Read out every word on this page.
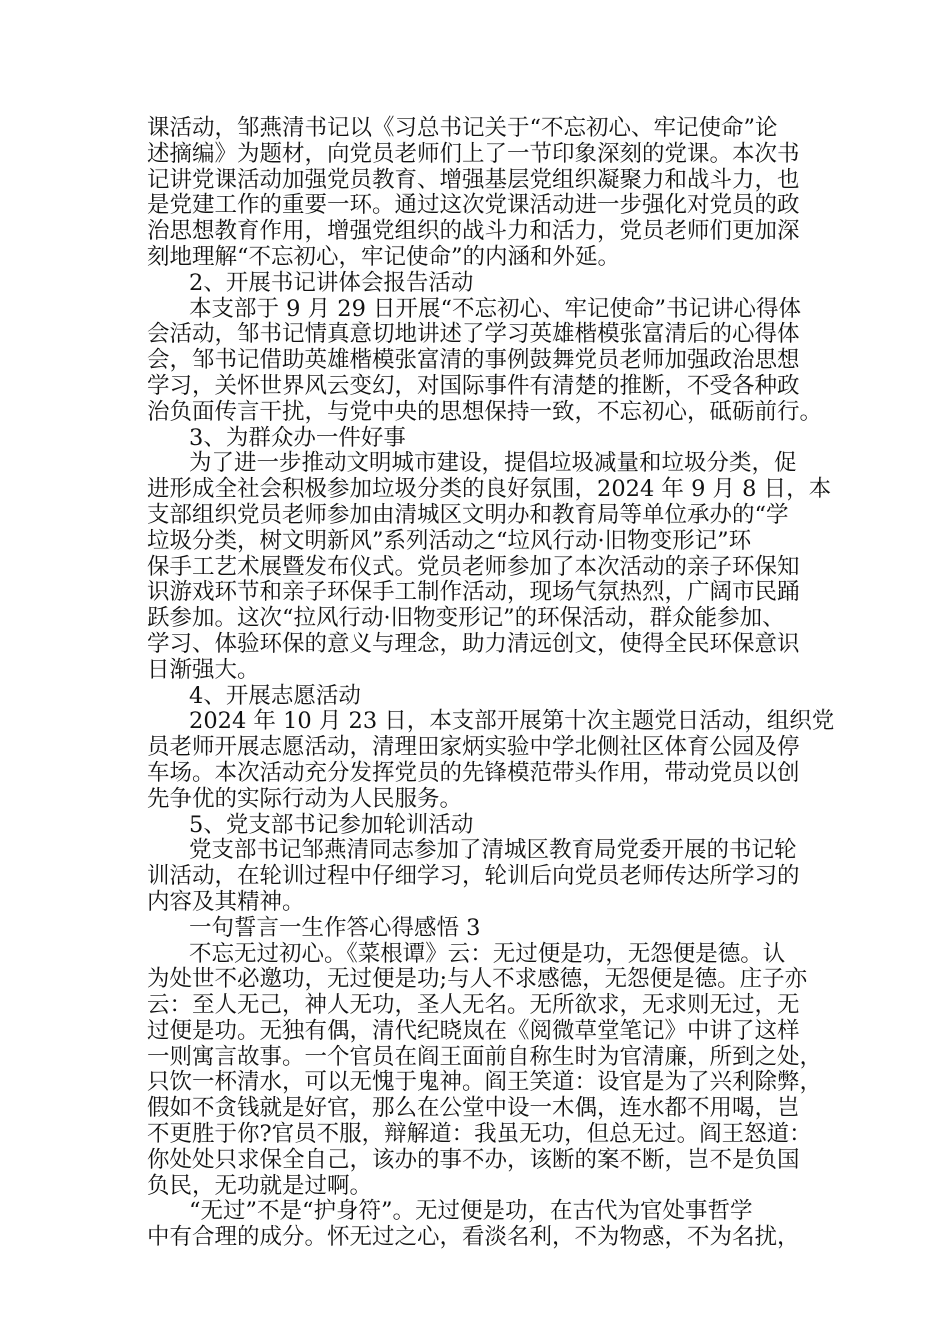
课活动，邹燕清书记以《习总书记关于“不忘初心、牢记使命”论
述摘编》为题材，向党员老师们上了一节印象深刻的党课。本次书
记讲党课活动加强党员教育、增强基层党组织凝聚力和战斗力，也
是党建工作的重要一环。通过这次党课活动进一步强化对党员的政
治思想教育作用，增强党组织的战斗力和活力，党员老师们更加深
刻地理解“不忘初心，牢记使命”的内涵和外延。
2、开展书记讲体会报告活动
本支部于 9 月 29 日开展“不忘初心、牢记使命”书记讲心得体
会活动，邹书记情真意切地讲述了学习英雄楷模张富清后的心得体
会，邹书记借助英雄楷模张富清的事例鼓舞党员老师加强政治思想
学习，关怀世界风云变幻，对国际事件有清楚的推断，不受各种政
治负面传言干扰，与党中央的思想保持一致，不忘初心，砥砺前行。
3、为群众办一件好事
为了进一步推动文明城市建设，提倡垃圾减量和垃圾分类，促
进形成全社会积极参加垃圾分类的良好氛围，2024 年 9 月 8 日，本
支部组织党员老师参加由清城区文明办和教育局等单位承办的“学
垃圾分类，树文明新风”系列活动之“垃风行动·旧物变形记”环
保手工艺术展暨发布仪式。党员老师参加了本次活动的亲子环保知
识游戏环节和亲子环保手工制作活动，现场气氛热烈，广阔市民踊
跃参加。这次“拉风行动·旧物变形记”的环保活动，群众能参加、
学习、体验环保的意义与理念，助力清远创文，使得全民环保意识
日渐强大。
4、开展志愿活动
2024 年 10 月 23 日，本支部开展第十次主题党日活动，组织党
员老师开展志愿活动，清理田家炳实验中学北侧社区体育公园及停
车场。本次活动充分发挥党员的先锋模范带头作用，带动党员以创
先争优的实际行动为人民服务。
5、党支部书记参加轮训活动
党支部书记邹燕清同志参加了清城区教育局党委开展的书记轮
训活动，在轮训过程中仔细学习，轮训后向党员老师传达所学习的
内容及其精神。
一句誓言一生作答心得感悟 3
不忘无过初心。《菜根谭》云：无过便是功，无怨便是德。认
为处世不必邀功，无过便是功;与人不求感德，无怨便是德。庄子亦
云：至人无己，神人无功，圣人无名。无所欲求，无求则无过，无
过便是功。无独有偶，清代纪晓岚在《阅微草堂笔记》中讲了这样
一则寓言故事。一个官员在阎王面前自称生时为官清廉，所到之处，
只饮一杯清水，可以无愧于鬼神。阎王笑道：设官是为了兴利除弊，
假如不贪钱就是好官，那么在公堂中设一木偶，连水都不用喝，岂
不更胜于你?官员不服，辩解道：我虽无功，但总无过。阎王怒道：
你处处只求保全自己，该办的事不办，该断的案不断，岂不是负国
负民，无功就是过啊。
“无过”不是“护身符”。无过便是功，在古代为官处事哲学
中有合理的成分。怀无过之心，看淡名利，不为物惑，不为名扰，
